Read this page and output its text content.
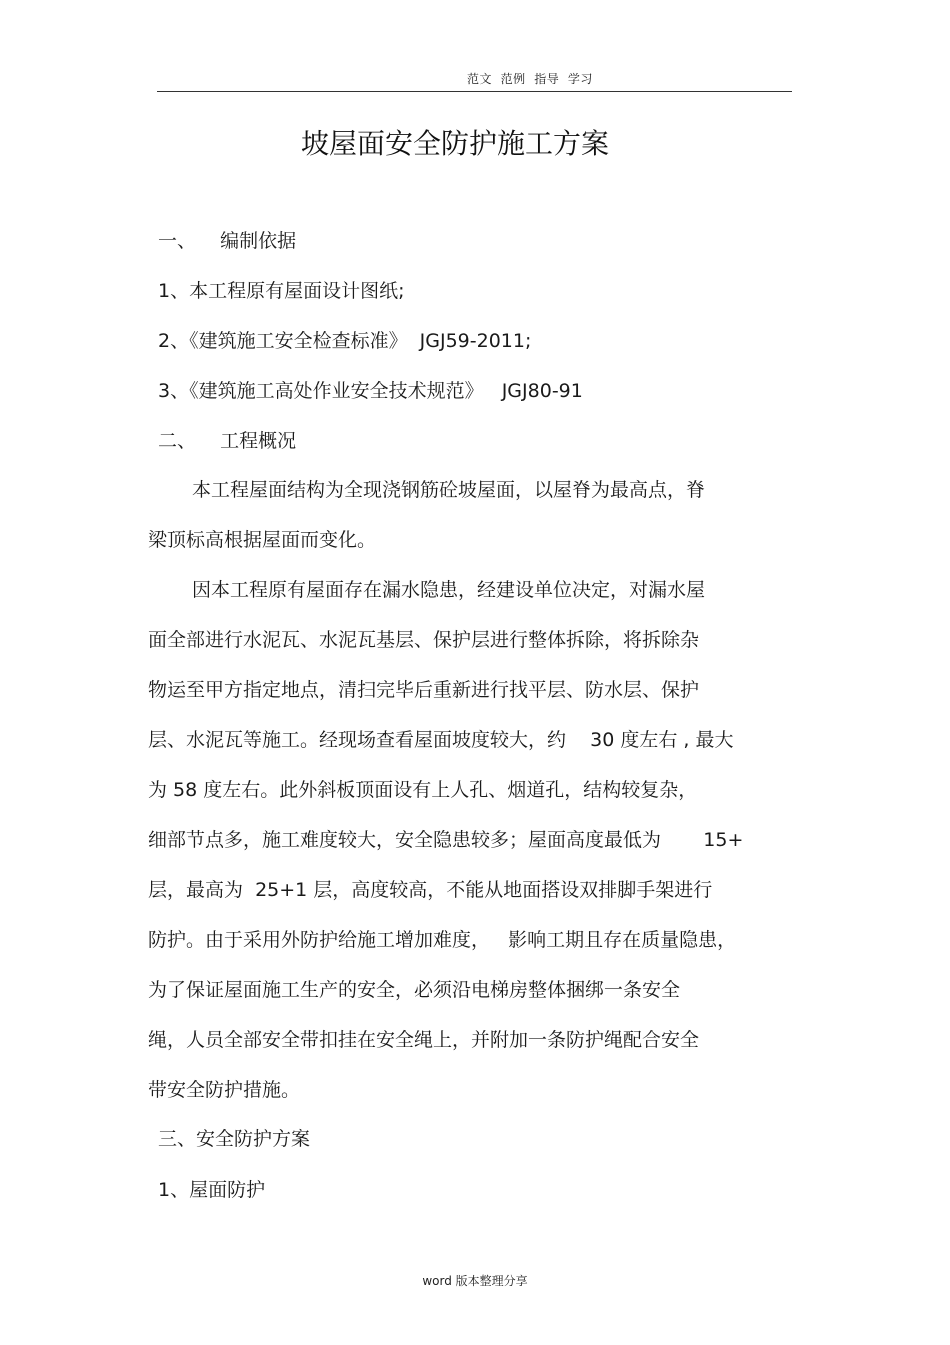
范文  范例  指导  学习
坡屋面安全防护施工方案
一、    编制依据
1、本工程原有屋面设计图纸;
2、《建筑施工安全检查标准》  JGJ59-2011;
3、《建筑施工高处作业安全技术规范》   JGJ80-91
二、    工程概况
本工程屋面结构为全现浇钢筋砼坡屋面，以屋脊为最高点，脊
梁顶标高根据屋面而变化。
因本工程原有屋面存在漏水隐患，经建设单位决定，对漏水屋
面全部进行水泥瓦、水泥瓦基层、保护层进行整体拆除，将拆除杂
物运至甲方指定地点，清扫完毕后重新进行找平层、防水层、保护
层、水泥瓦等施工。经现场查看屋面坡度较大，约    30 度左右 , 最大
为 58 度左右。此外斜板顶面设有上人孔、烟道孔，结构较复杂，
细部节点多，施工难度较大，安全隐患较多；屋面高度最低为       15+
层，最高为  25+1 层，高度较高，不能从地面搭设双排脚手架进行
防护。由于采用外防护给施工增加难度，   影响工期且存在质量隐患，
为了保证屋面施工生产的安全，必须沿电梯房整体捆绑一条安全
绳，人员全部安全带扣挂在安全绳上，并附加一条防护绳配合安全
带安全防护措施。
三、安全防护方案
1、屋面防护
word 版本整理分享
